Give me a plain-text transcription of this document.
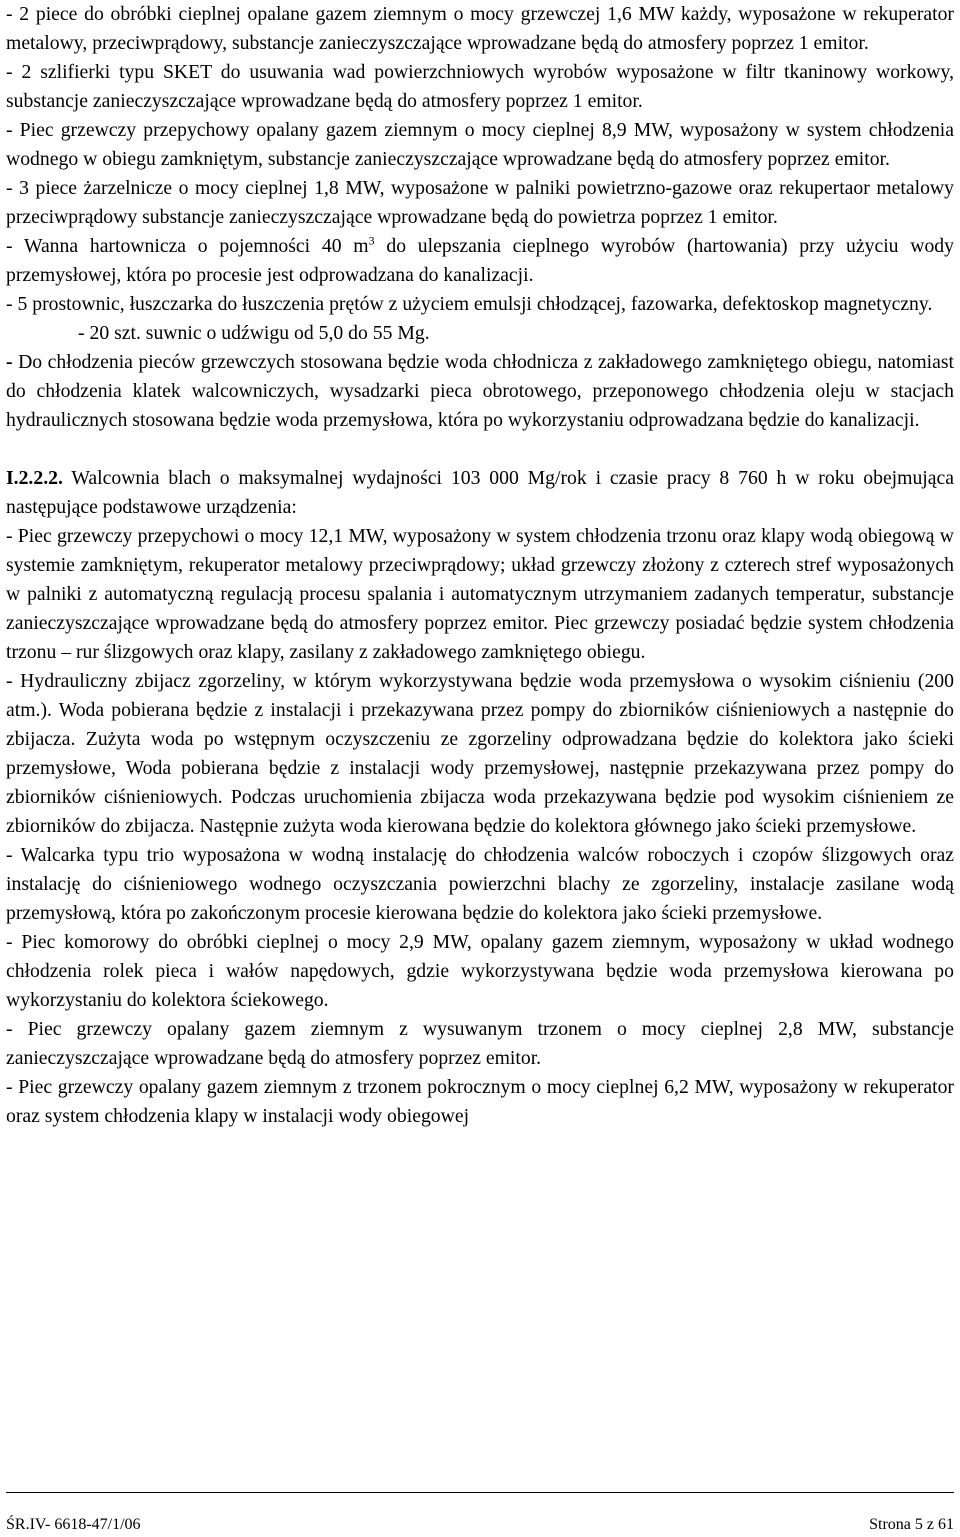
- 2 piece do obróbki cieplnej opalane gazem ziemnym o mocy grzewczej 1,6 MW każdy, wyposażone w rekuperator metalowy, przeciwprądowy, substancje zanieczyszczające wprowadzane będą do atmosfery poprzez 1 emitor.

- 2 szlifierki typu SKET do usuwania wad powierzchniowych wyrobów wyposażone w filtr tkaninowy workowy, substancje zanieczyszczające wprowadzane będą do atmosfery poprzez 1 emitor.

- Piec grzewczy przepychowy opalany gazem ziemnym o mocy cieplnej 8,9 MW, wyposażony w system chłodzenia wodnego w obiegu zamkniętym, substancje zanieczyszczające wprowadzane będą do atmosfery poprzez emitor.

- 3 piece żarzelnicze o mocy cieplnej 1,8 MW, wyposażone w palniki powietrzno-gazowe oraz rekupertaor metalowy przeciwprądowy substancje zanieczyszczające wprowadzane będą do powietrza poprzez 1 emitor.

- Wanna hartownicza o pojemności 40 $m^3$ do ulepszania cieplnego wyrobów (hartowania) przy użyciu wody przemysłowej, która po procesie jest odprowadzana do kanalizacji.

- 5 prostownic, łuszczarka do łuszczenia prętów z użyciem emulsji chłodzącej, fazowarka, defektoskop magnetyczny.

- 20 szt. suwnic o udźwigu od 5,0 do 55 Mg.

- Do chłodzenia pieców grzewczych stosowana będzie woda chłodnicza z zakładowego zamkniętego obiegu, natomiast do chłodzenia klatek walcowniczych, wysadzarki pieca obrotowego, przeponowego chłodzenia oleju w stacjach hydraulicznych stosowana będzie woda przemysłowa, która po wykorzystaniu odprowadzana będzie do kanalizacji.

I.2.2.2. Walcownia blach o maksymalnej wydajności 103 000 Mg/rok i czasie pracy 8 760 h w roku obejmująca następujące podstawowe urządzenia:

- Piec grzewczy przepychowi o mocy 12,1 MW, wyposażony w system chłodzenia trzonu oraz klapy wodą obiegową w systemie zamkniętym, rekuperator metalowy przeciwprądowy; układ grzewczy złożony z czterech stref wyposażonych w palniki z automatyczną regulacją procesu spalania i automatycznym utrzymaniem zadanych temperatur, substancje zanieczyszczające wprowadzane będą do atmosfery poprzez emitor. Piec grzewczy posiadać będzie system chłodzenia trzonu – rur ślizgowych oraz klapy, zasilany z zakładowego zamkniętego obiegu.

- Hydrauliczny zbijacz zgorzeliny, w którym wykorzystywana będzie woda przemysłowa o wysokim ciśnieniu (200 atm.). Woda pobierana będzie z instalacji i przekazywana przez pompy do zbiorników ciśnieniowych a następnie do zbijacza. Zużyta woda po wstępnym oczyszczeniu ze zgorzeliny odprowadzana będzie do kolektora jako ścieki przemysłowe, Woda pobierana będzie z instalacji wody przemysłowej, następnie przekazywana przez pompy do zbiorników ciśnieniowych. Podczas uruchomienia zbijacza woda przekazywana będzie pod wysokim ciśnieniem ze zbiorników do zbijacza. Następnie zużyta woda kierowana będzie do kolektora głównego jako ścieki przemysłowe.

- Walcarka typu trio wyposażona w wodną instalację do chłodzenia walców roboczych i czopów ślizgowych oraz instalację do ciśnieniowego wodnego oczyszczania powierzchni blachy ze zgorzeliny, instalacje zasilane wodą przemysłową, która po zakończonym procesie kierowana będzie do kolektora jako ścieki przemysłowe.

- Piec komorowy do obróbki cieplnej o mocy 2,9 MW, opalany gazem ziemnym, wyposażony w układ wodnego chłodzenia rolek pieca i wałów napędowych, gdzie wykorzystywana będzie woda przemysłowa kierowana po wykorzystaniu do kolektora ściekowego.

- Piec grzewczy opalany gazem ziemnym z wysuwanym trzonem o mocy cieplnej 2,8 MW, substancje zanieczyszczające wprowadzane będą do atmosfery poprzez emitor.

- Piec grzewczy opalany gazem ziemnym z trzonem pokrocznym o mocy cieplnej 6,2 MW, wyposażony w rekuperator oraz system chłodzenia klapy w instalacji wody obiegowej

ŚR.IV- 6618-47/1/06	Strona 5 z 61
